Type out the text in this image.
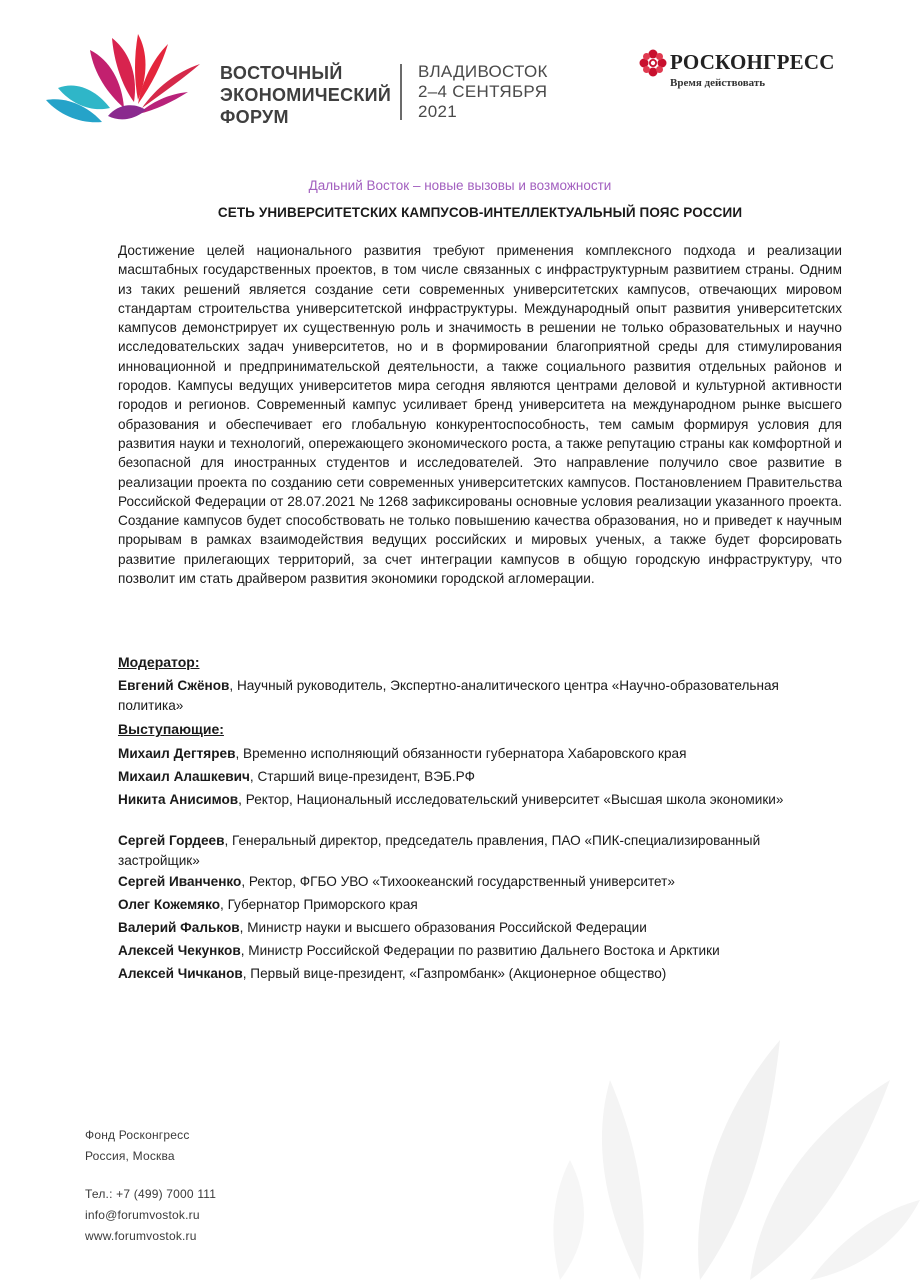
ВОСТОЧНЫЙ
ЭКОНОМИЧЕСКИЙ
ФОРУМ
ВЛАДИВОСТОК
2–4 СЕНТЯБРЯ
2021
РОСКОНГРЕСС
Время действовать
Дальний Восток – новые вызовы и возможности
СЕТЬ УНИВЕРСИТЕТСКИХ КАМПУСОВ-ИНТЕЛЛЕКТУАЛЬНЫЙ ПОЯС РОССИИ
Достижение целей национального развития требуют применения комплексного подхода и реализации масштабных государственных проектов, в том числе связанных с инфраструктурным развитием страны. Одним из таких решений является создание сети современных университетских кампусов, отвечающих мировом стандартам строительства университетской инфраструктуры. Международный опыт развития университетских кампусов демонстрирует их существенную роль и значимость в решении не только образовательных и научно исследовательских задач университетов, но и в формировании благоприятной среды для стимулирования инновационной и предпринимательской деятельности, а также социального развития отдельных районов и городов. Кампусы ведущих университетов мира сегодня являются центрами деловой и культурной активности городов и регионов. Современный кампус усиливает бренд университета на международном рынке высшего образования и обеспечивает его глобальную конкурентоспособность, тем самым формируя условия для развития науки и технологий, опережающего экономического роста, а также репутацию страны как комфортной и безопасной для иностранных студентов и исследователей. Это направление получило свое развитие в реализации проекта по созданию сети современных университетских кампусов. Постановлением Правительства Российской Федерации от 28.07.2021 № 1268 зафиксированы основные условия реализации указанного проекта. Создание кампусов будет способствовать не только повышению качества образования, но и приведет к научным прорывам в рамках взаимодействия ведущих российских и мировых ученых, а также будет форсировать развитие прилегающих территорий, за счет интеграции кампусов в общую городскую инфраструктуру, что позволит им стать драйвером развития экономики городской агломерации.
Модератор:
Евгений Сжёнов, Научный руководитель, Экспертно-аналитического центра «Научно-образовательная политика»
Выступающие:
Михаил Дегтярев, Временно исполняющий обязанности губернатора Хабаровского края
Михаил Алашкевич, Старший вице-президент, ВЭБ.РФ
Никита Анисимов, Ректор, Национальный исследовательский университет «Высшая школа экономики»
Сергей Гордеев, Генеральный директор, председатель правления, ПАО «ПИК-специализированный застройщик»
Сергей Иванченко, Ректор, ФГБО УВО «Тихоокеанский государственный университет»
Олег Кожемяко, Губернатор Приморского края
Валерий Фальков, Министр науки и высшего образования Российской Федерации
Алексей Чекунков, Министр Российской Федерации по развитию Дальнего Востока и Арктики
Алексей Чичканов, Первый вице-президент, «Газпромбанк» (Акционерное общество)
Фонд Росконгресс
Россия, Москва
Тел.: +7 (499) 7000 111
info@forumvostok.ru
www.forumvostok.ru
